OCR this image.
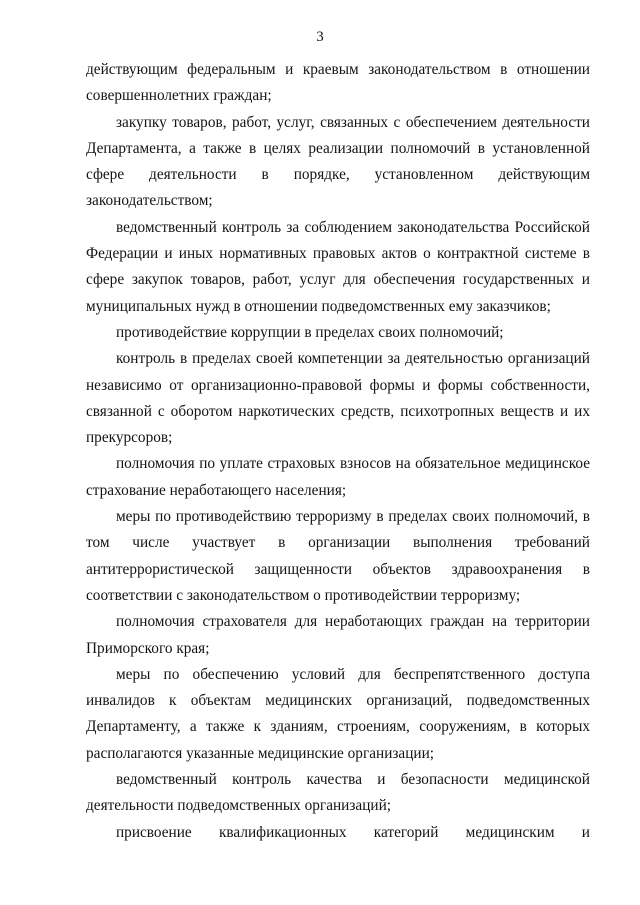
3

действующим федеральным и краевым законодательством в отношении совершеннолетних граждан;

закупку товаров, работ, услуг, связанных с обеспечением деятельности Департамента, а также в целях реализации полномочий в установленной сфере деятельности в порядке, установленном действующим законодательством;

ведомственный контроль за соблюдением законодательства Российской Федерации и иных нормативных правовых актов о контрактной системе в сфере закупок товаров, работ, услуг для обеспечения государственных и муниципальных нужд в отношении подведомственных ему заказчиков;

противодействие коррупции в пределах своих полномочий;

контроль в пределах своей компетенции за деятельностью организаций независимо от организационно-правовой формы и формы собственности, связанной с оборотом наркотических средств, психотропных веществ и их прекурсоров;

полномочия по уплате страховых взносов на обязательное медицинское страхование неработающего населения;

меры по противодействию терроризму в пределах своих полномочий, в том числе участвует в организации выполнения требований антитеррористической защищенности объектов здравоохранения в соответствии с законодательством о противодействии терроризму;

полномочия страхователя для неработающих граждан на территории Приморского края;

меры по обеспечению условий для беспрепятственного доступа инвалидов к объектам медицинских организаций, подведомственных Департаменту, а также к зданиям, строениям, сооружениям, в которых располагаются указанные медицинские организации;

ведомственный контроль качества и безопасности медицинской деятельности подведомственных организаций;

присвоение квалификационных категорий медицинским и
